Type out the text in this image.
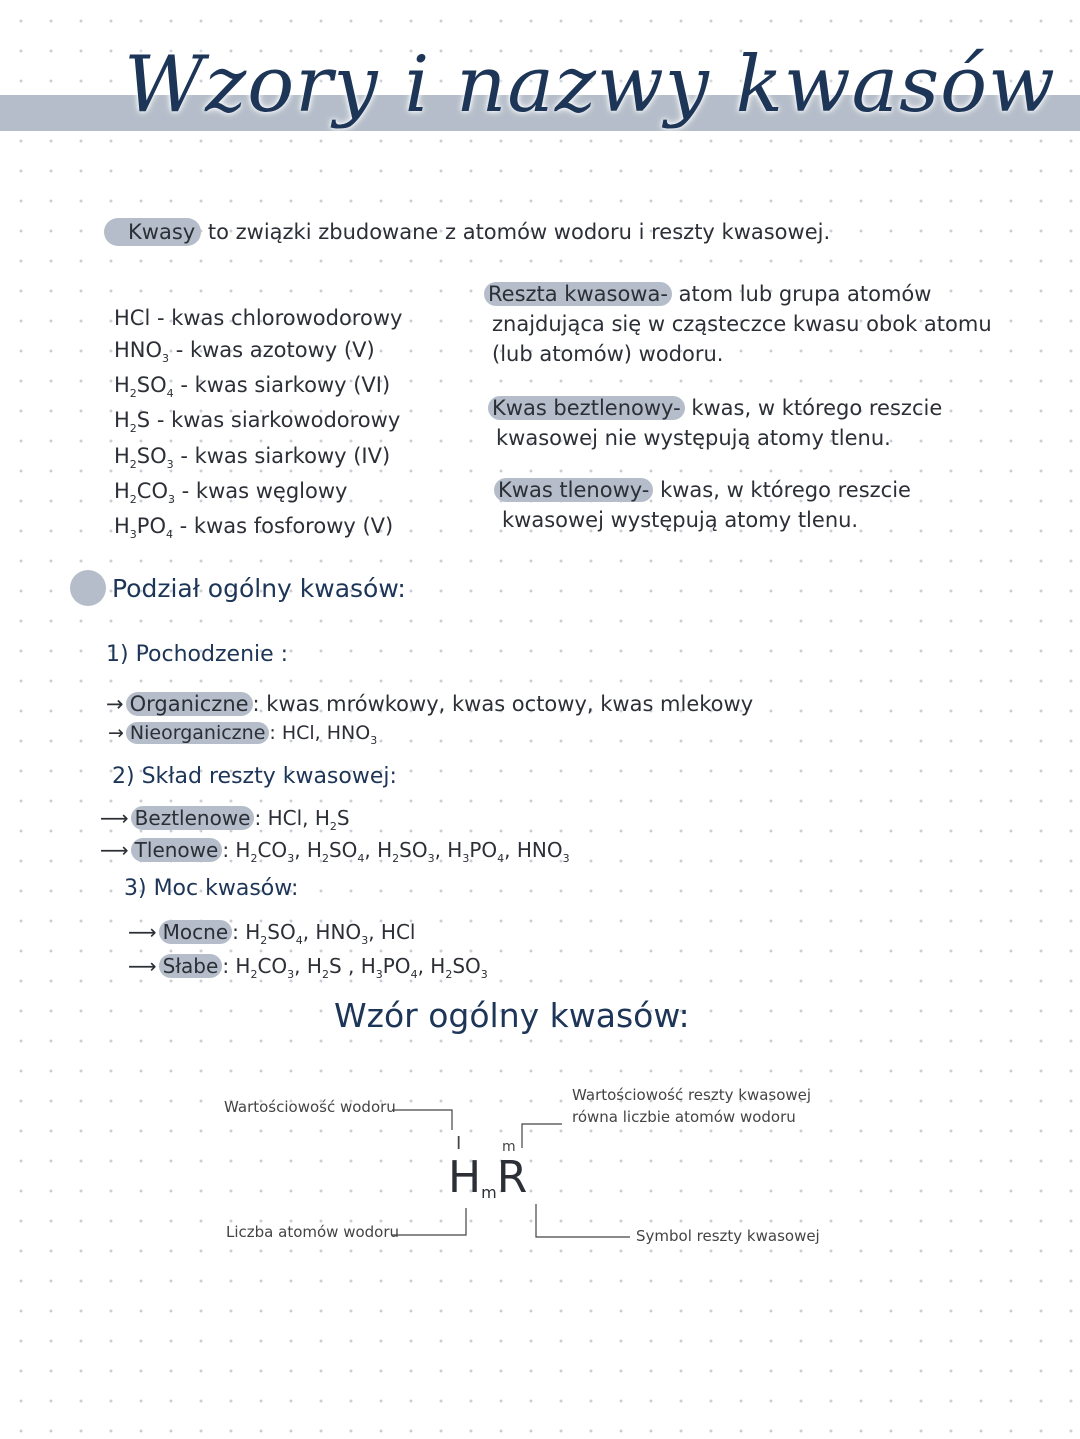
Wzory i nazwy kwasów
Kwasy to związki zbudowane z atomów wodoru i reszty kwasowej.
HCl - kwas chlorowodorowy
$HNO_3$ - kwas azotowy (V)
$H_2SO_4$ - kwas siarkowy (VI)
$H_2S$ - kwas siarkowodorowy
$H_2SO_3$ - kwas siarkowy (IV)
$H_2CO_3$ - kwas węglowy
$H_3PO_4$ - kwas fosforowy (V)
Reszta kwasowa- atom lub grupa atomów
znajdująca się w cząsteczce kwasu obok atomu
(lub atomów) wodoru.
Kwas beztlenowy- kwas, w którego reszcie
kwasowej nie występują atomy tlenu.
Kwas tlenowy- kwas, w którego reszcie
kwasowej występują atomy tlenu.
Podział ogólny kwasów:
1) Pochodzenie :
→ Organiczne : kwas mrówkowy, kwas octowy, kwas mlekowy
→ Nieorganiczne : HCl, $HNO_3$
2) Skład reszty kwasowej:
⟶ Beztlenowe : HCl, $H_2S$
⟶ Tlenowe : $H_2CO_3$, $H_2SO_4$, $H_2SO_3$, $H_3PO_4$, $HNO_3$
3) Moc kwasów:
⟶ Mocne : $H_2SO_4$, $HNO_3$, HCl
⟶ Słabe : $H_2CO_3$, $H_2S$ , $H_3PO_4$, $H_2SO_3$
Wzór ogólny kwasów:
Wartościowość wodoru
Wartościowość reszty kwasowej
równa liczbie atomów wodoru
Liczba atomów wodoru	Symbol reszty kwasowej
I	m
HmR
